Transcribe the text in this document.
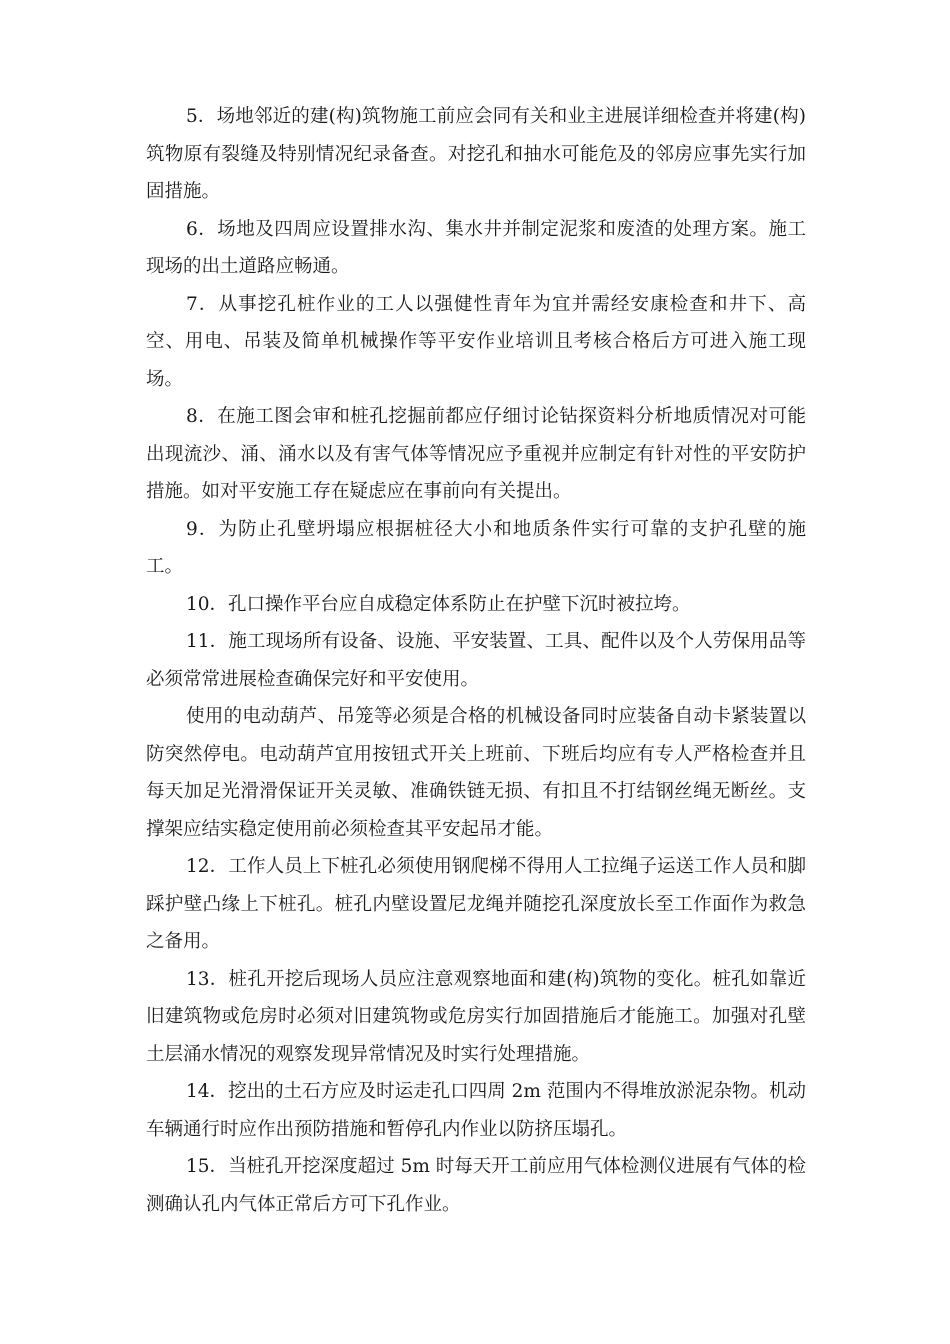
5．场地邻近的建(构)筑物施工前应会同有关和业主进展详细检查并将建(构)筑物原有裂缝及特别情况纪录备查。对挖孔和抽水可能危及的邻房应事先实行加固措施。

6．场地及四周应设置排水沟、集水井并制定泥浆和废渣的处理方案。施工现场的出土道路应畅通。

7．从事挖孔桩作业的工人以强健性青年为宜并需经安康检查和井下、高空、用电、吊装及简单机械操作等平安作业培训且考核合格后方可进入施工现场。

8．在施工图会审和桩孔挖掘前都应仔细讨论钻探资料分析地质情况对可能出现流沙、涌、涌水以及有害气体等情况应予重视并应制定有针对性的平安防护措施。如对平安施工存在疑虑应在事前向有关提出。

9．为防止孔壁坍塌应根据桩径大小和地质条件实行可靠的支护孔壁的施工。

10．孔口操作平台应自成稳定体系防止在护壁下沉时被拉垮。

11．施工现场所有设备、设施、平安装置、工具、配件以及个人劳保用品等必须常常进展检查确保完好和平安使用。

使用的电动葫芦、吊笼等必须是合格的机械设备同时应装备自动卡紧装置以防突然停电。电动葫芦宜用按钮式开关上班前、下班后均应有专人严格检查并且每天加足光滑滑保证开关灵敏、准确铁链无损、有扣且不打结钢丝绳无断丝。支撑架应结实稳定使用前必须检查其平安起吊才能。

12．工作人员上下桩孔必须使用钢爬梯不得用人工拉绳子运送工作人员和脚踩护壁凸缘上下桩孔。桩孔内壁设置尼龙绳并随挖孔深度放长至工作面作为救急之备用。

13．桩孔开挖后现场人员应注意观察地面和建(构)筑物的变化。桩孔如靠近旧建筑物或危房时必须对旧建筑物或危房实行加固措施后才能施工。加强对孔壁土层涌水情况的观察发现异常情况及时实行处理措施。

14．挖出的土石方应及时运走孔口四周 2m 范围内不得堆放淤泥杂物。机动车辆通行时应作出预防措施和暂停孔内作业以防挤压塌孔。

15．当桩孔开挖深度超过 5m 时每天开工前应用气体检测仪进展有气体的检测确认孔内气体正常后方可下孔作业。
